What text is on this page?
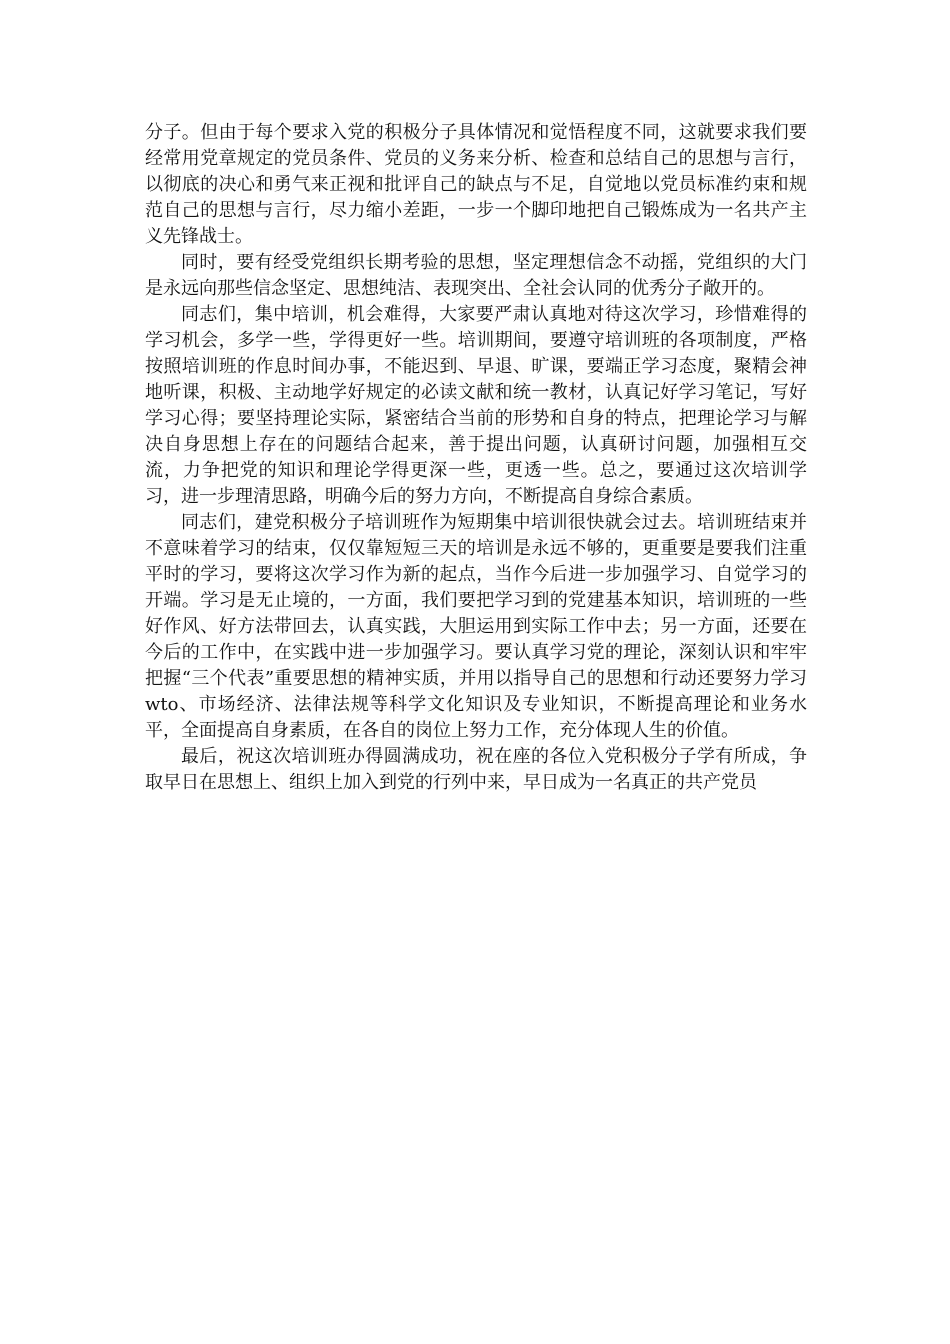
分子。但由于每个要求入党的积极分子具体情况和觉悟程度不同，这就要求我们要经常用党章规定的党员条件、党员的义务来分析、检查和总结自己的思想与言行，以彻底的决心和勇气来正视和批评自己的缺点与不足，自觉地以党员标准约束和规范自己的思想与言行，尽力缩小差距，一步一个脚印地把自己锻炼成为一名共产主义先锋战士。

同时，要有经受党组织长期考验的思想，坚定理想信念不动摇，党组织的大门是永远向那些信念坚定、思想纯洁、表现突出、全社会认同的优秀分子敞开的。

同志们，集中培训，机会难得，大家要严肃认真地对待这次学习，珍惜难得的学习机会，多学一些，学得更好一些。培训期间，要遵守培训班的各项制度，严格按照培训班的作息时间办事，不能迟到、早退、旷课，要端正学习态度，聚精会神地听课，积极、主动地学好规定的必读文献和统一教材，认真记好学习笔记，写好学习心得；要坚持理论实际，紧密结合当前的形势和自身的特点，把理论学习与解决自身思想上存在的问题结合起来，善于提出问题，认真研讨问题，加强相互交流，力争把党的知识和理论学得更深一些，更透一些。总之，要通过这次培训学习，进一步理清思路，明确今后的努力方向，不断提高自身综合素质。

同志们，建党积极分子培训班作为短期集中培训很快就会过去。培训班结束并不意味着学习的结束，仅仅靠短短三天的培训是永远不够的，更重要是要我们注重平时的学习，要将这次学习作为新的起点，当作今后进一步加强学习、自觉学习的开端。学习是无止境的，一方面，我们要把学习到的党建基本知识，培训班的一些好作风、好方法带回去，认真实践，大胆运用到实际工作中去；另一方面，还要在今后的工作中，在实践中进一步加强学习。要认真学习党的理论，深刻认识和牢牢把握“三个代表”重要思想的精神实质，并用以指导自己的思想和行动还要努力学习wto、市场经济、法律法规等科学文化知识及专业知识，不断提高理论和业务水平，全面提高自身素质，在各自的岗位上努力工作，充分体现人生的价值。

最后，祝这次培训班办得圆满成功，祝在座的各位入党积极分子学有所成，争取早日在思想上、组织上加入到党的行列中来，早日成为一名真正的共产党员
